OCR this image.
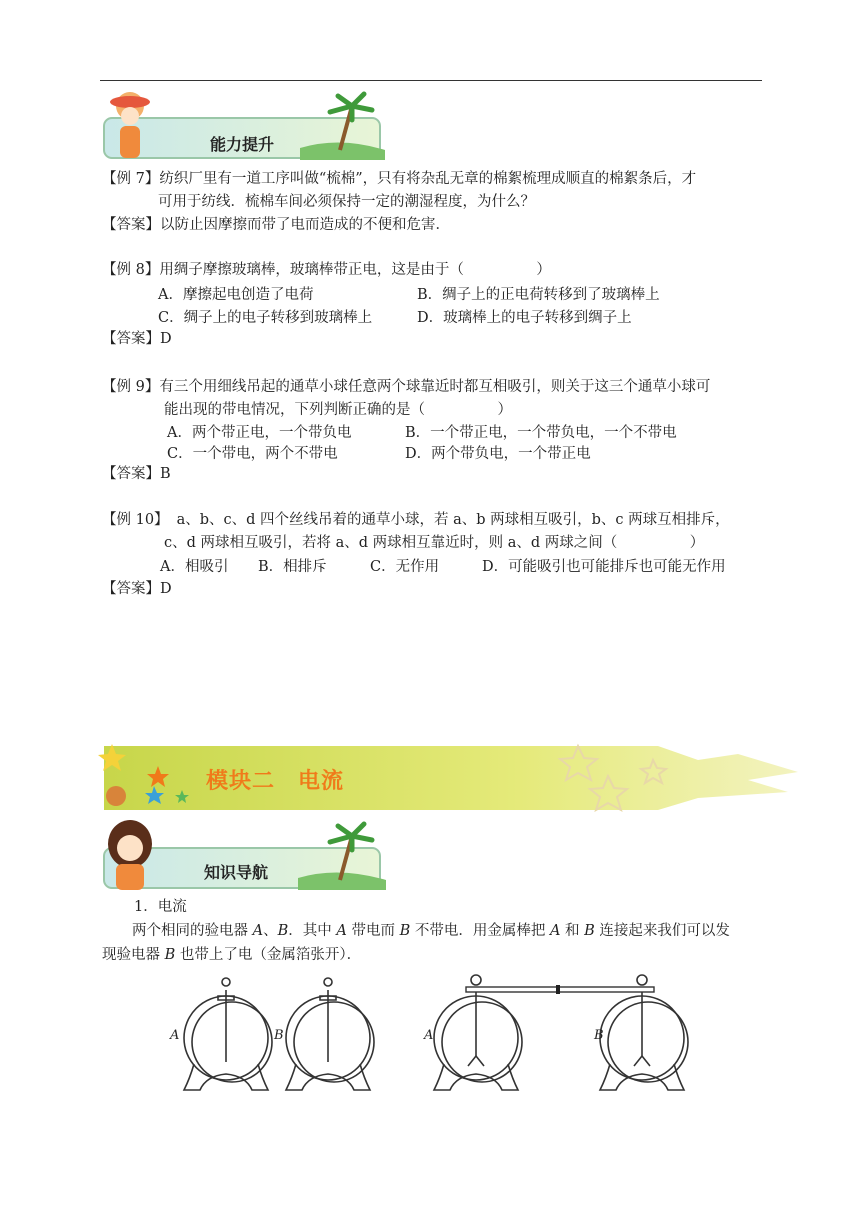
能力提升
【例 7】纺织厂里有一道工序叫做“梳棉”，只有将杂乱无章的棉絮梳理成顺直的棉絮条后，才
可用于纺线．梳棉车间必须保持一定的潮湿程度，为什么？
【答案】以防止因摩擦而带了电而造成的不便和危害．
【例 8】用绸子摩擦玻璃棒，玻璃棒带正电，这是由于（　　　　　）
A．摩擦起电创造了电荷	B．绸子上的正电荷转移到了玻璃棒上
C．绸子上的电子转移到玻璃棒上	D．玻璃棒上的电子转移到绸子上
【答案】D
【例 9】有三个用细线吊起的通草小球任意两个球靠近时都互相吸引，则关于这三个通草小球可
能出现的带电情况，下列判断正确的是（　　　　　）
A．两个带正电，一个带负电	B．一个带正电，一个带负电，一个不带电
C．一个带电，两个不带电	D．两个带负电，一个带正电
【答案】B
【例 10】 a、b、c、d 四个丝线吊着的通草小球，若 a、b 两球相互吸引，b、c 两球互相排斥，
c、d 两球相互吸引，若将 a、d 两球相互靠近时，则 a、d 两球之间（　　　　　）
A．相吸引 B．相排斥	C．无作用	D．可能吸引也可能排斥也可能无作用
【答案】D
模块二　电流
知识导航
1．电流
两个相同的验电器 A、B．其中 A 带电而 B 不带电．用金属棒把 A 和 B 连接起来我们可以发
现验电器 B 也带上了电（金属箔张开）．
A	B	A	B
